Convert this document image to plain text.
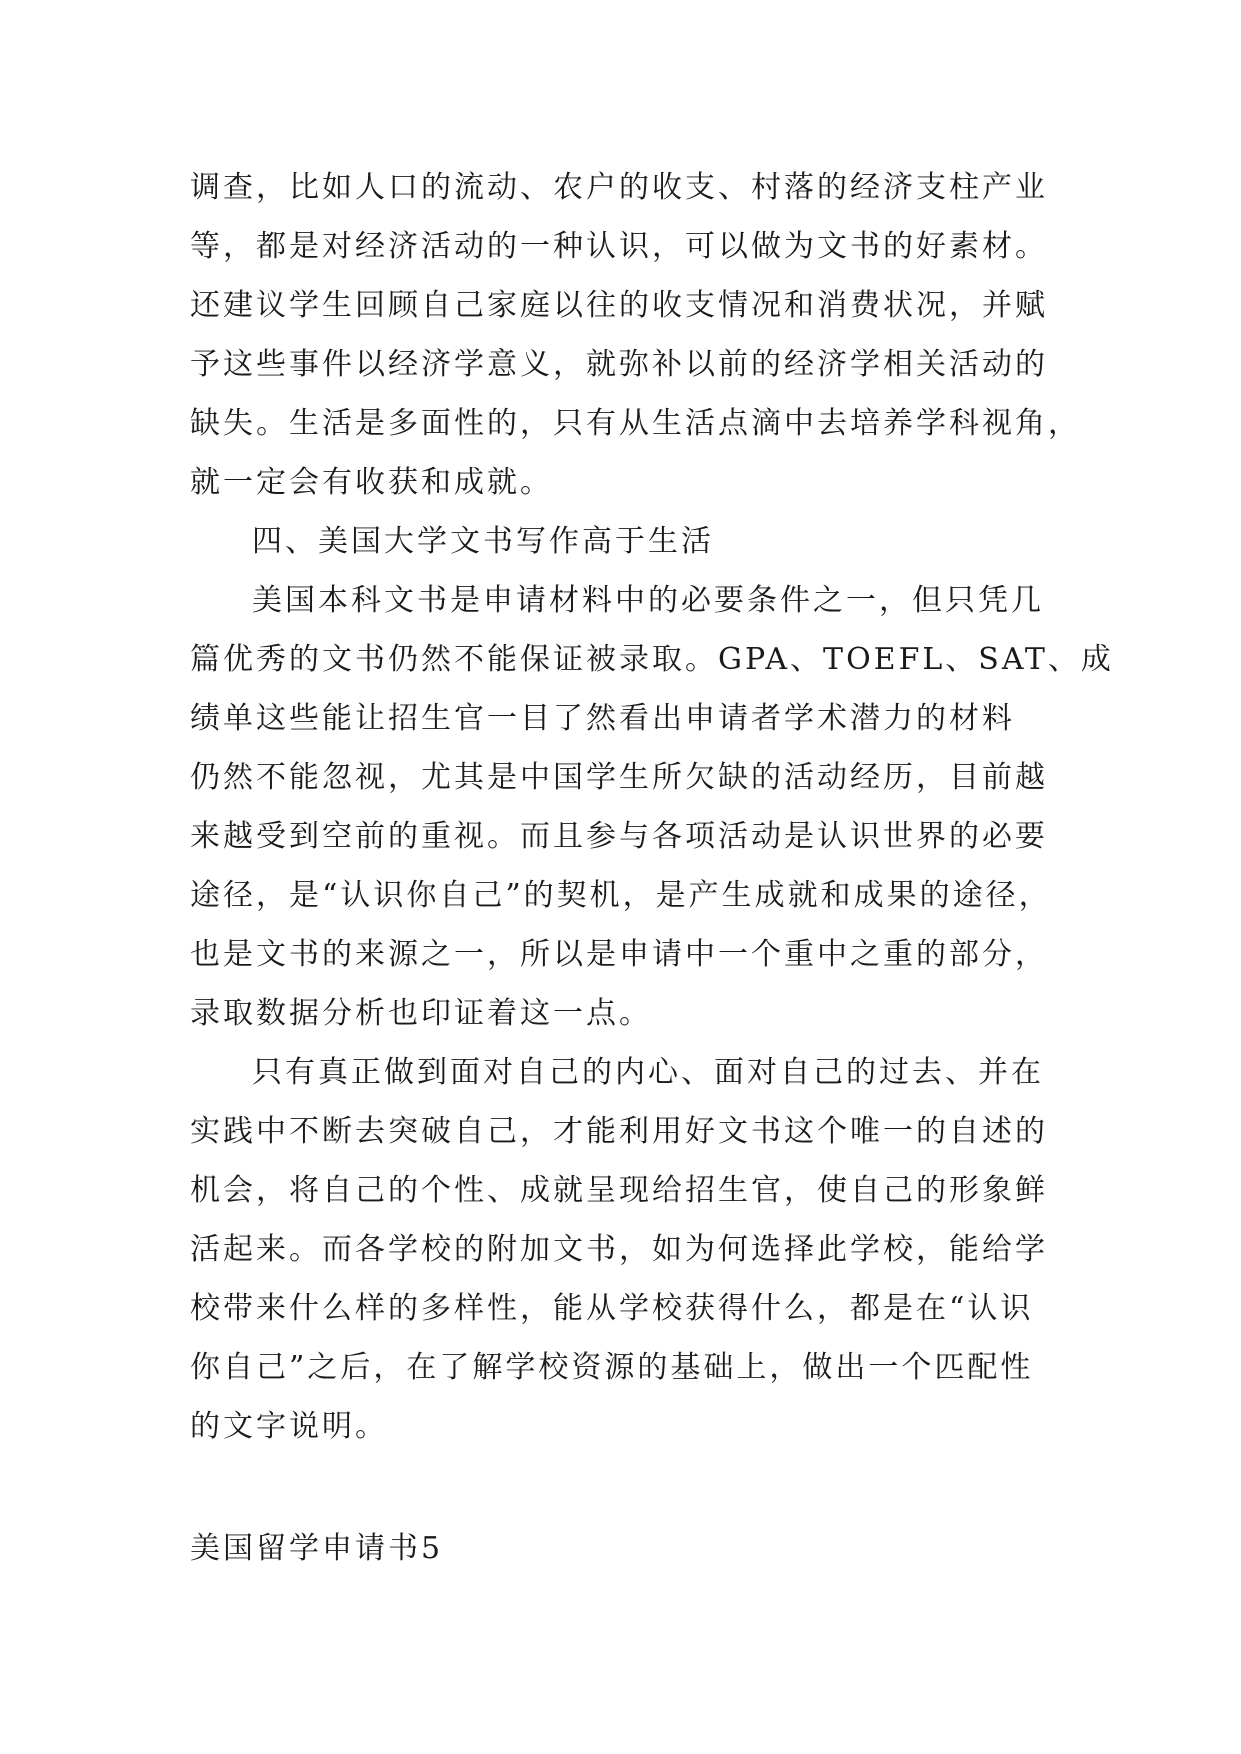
调查，比如人口的流动、农户的收支、村落的经济支柱产业
等，都是对经济活动的一种认识，可以做为文书的好素材。
还建议学生回顾自己家庭以往的收支情况和消费状况，并赋
予这些事件以经济学意义，就弥补以前的经济学相关活动的
缺失。生活是多面性的，只有从生活点滴中去培养学科视角，
就一定会有收获和成就。
四、美国大学文书写作高于生活
美国本科文书是申请材料中的必要条件之一，但只凭几
篇优秀的文书仍然不能保证被录取。GPA、TOEFL、SAT、成
绩单这些能让招生官一目了然看出申请者学术潜力的材料
仍然不能忽视，尤其是中国学生所欠缺的活动经历，目前越
来越受到空前的重视。而且参与各项活动是认识世界的必要
途径，是“认识你自己”的契机，是产生成就和成果的途径，
也是文书的来源之一，所以是申请中一个重中之重的部分，
录取数据分析也印证着这一点。
只有真正做到面对自己的内心、面对自己的过去、并在
实践中不断去突破自己，才能利用好文书这个唯一的自述的
机会，将自己的个性、成就呈现给招生官，使自己的形象鲜
活起来。而各学校的附加文书，如为何选择此学校，能给学
校带来什么样的多样性，能从学校获得什么，都是在“认识
你自己”之后，在了解学校资源的基础上，做出一个匹配性
的文字说明。
美国留学申请书5
